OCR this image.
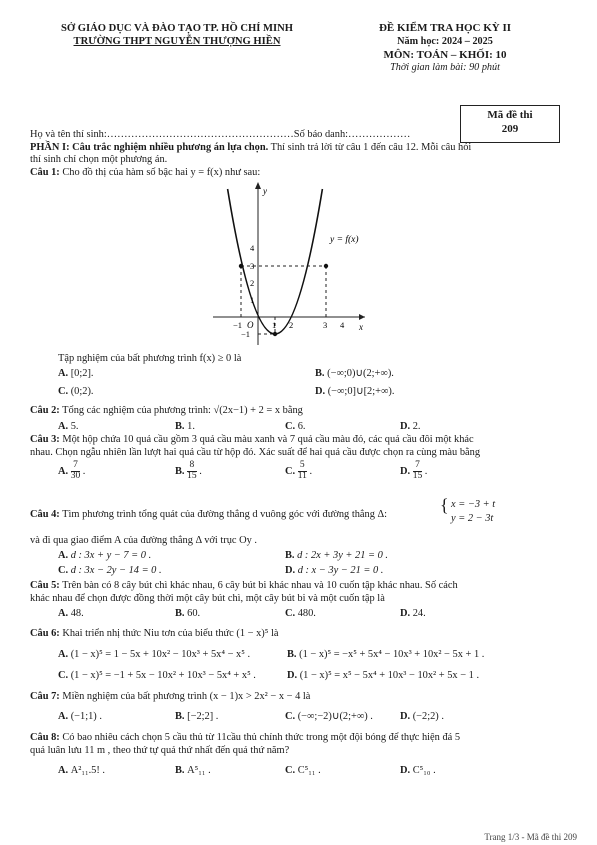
SỞ GIÁO DỤC VÀ ĐÀO TẠO TP. HỒ CHÍ MINH
TRƯỜNG THPT NGUYỄN THƯỢNG HIỀN
ĐỀ KIỂM TRA HỌC KỲ II
Năm học: 2024 – 2025
MÔN: TOÁN – KHỐI: 10
Thời gian làm bài: 90 phút
Mã đề thi
209
Họ và tên thí sinh:………………………………………………Số báo danh:………………
PHẦN I: Câu trắc nghiệm nhiều phương án lựa chọn. Thí sinh trả lời từ câu 1 đến câu 12. Mỗi câu hỏi
thí sinh chỉ chọn một phương án.
Câu 1: Cho đồ thị của hàm số bậc hai y = f(x) như sau:
y
x
y = f(x)
O
4
3
2
1
−1
−1	1 2	3 4
Tập nghiệm của bất phương trình f(x) ≥ 0 là
A. [0;2].	B. (−∞;0)∪(2;+∞).
C. (0;2).	D. (−∞;0]∪[2;+∞).
Câu 2: Tổng các nghiệm của phương trình: √(2x−1) + 2 = x bằng
A. 5.	B. 1.	C. 6.	D. 2.
Câu 3: Một hộp chứa 10 quả cầu gồm 3 quả cầu màu xanh và 7 quả cầu màu đỏ, các quả cầu đôi một khác
nhau. Chọn ngẫu nhiên lần lượt hai quả cầu từ hộp đó. Xác suất để hai quả cầu được chọn ra cùng màu bằng
A. $\frac{7}{30}$ .	B. $\frac{8}{15}$ .	C. $\frac{5}{11}$ .	D. $\frac{7}{15}$ .
Câu 4: Tìm phương trình tổng quát của đường thẳng d vuông góc với đường thẳng Δ:	{ x = −3 + t
y = 2 − 3t
và đi qua giao điểm A của đường thẳng Δ với trục Oy .
A. d : 3x + y − 7 = 0 .	B. d : 2x + 3y + 21 = 0 .
C. d : 3x − 2y − 14 = 0 .	D. d : x − 3y − 21 = 0 .
Câu 5: Trên bàn có 8 cây bút chì khác nhau, 6 cây bút bi khác nhau và 10 cuốn tập khác nhau. Số cách
khác nhau để chọn được đồng thời một cây bút chì, một cây bút bi và một cuốn tập là
A. 48.	B. 60.	C. 480.	D. 24.
Câu 6: Khai triển nhị thức Niu tơn của biểu thức (1 − x)⁵ là
A. (1 − x)⁵ = 1 − 5x + 10x² − 10x³ + 5x⁴ − x⁵ .	B. (1 − x)⁵ = −x⁵ + 5x⁴ − 10x³ + 10x² − 5x + 1 .
C. (1 − x)⁵ = −1 + 5x − 10x² + 10x³ − 5x⁴ + x⁵ .	D. (1 − x)⁵ = x⁵ − 5x⁴ + 10x³ − 10x² + 5x − 1 .
Câu 7: Miền nghiệm của bất phương trình (x − 1)x > 2x² − x − 4 là
A. (−1;1) .	B. [−2;2] .	C. (−∞;−2)∪(2;+∞) .	D. (−2;2) .
Câu 8: Có bao nhiêu cách chọn 5 cầu thủ từ 11cầu thủ chính thức trong một đội bóng để thực hiện đá 5
quả luân lưu 11 m , theo thứ tự quả thứ nhất đến quả thứ năm?
A. A²₁₁.5! .	B. A⁵₁₁ .	C. C⁵₁₁ .	D. C⁵₁₀ .
Trang 1/3 - Mã đề thi 209
